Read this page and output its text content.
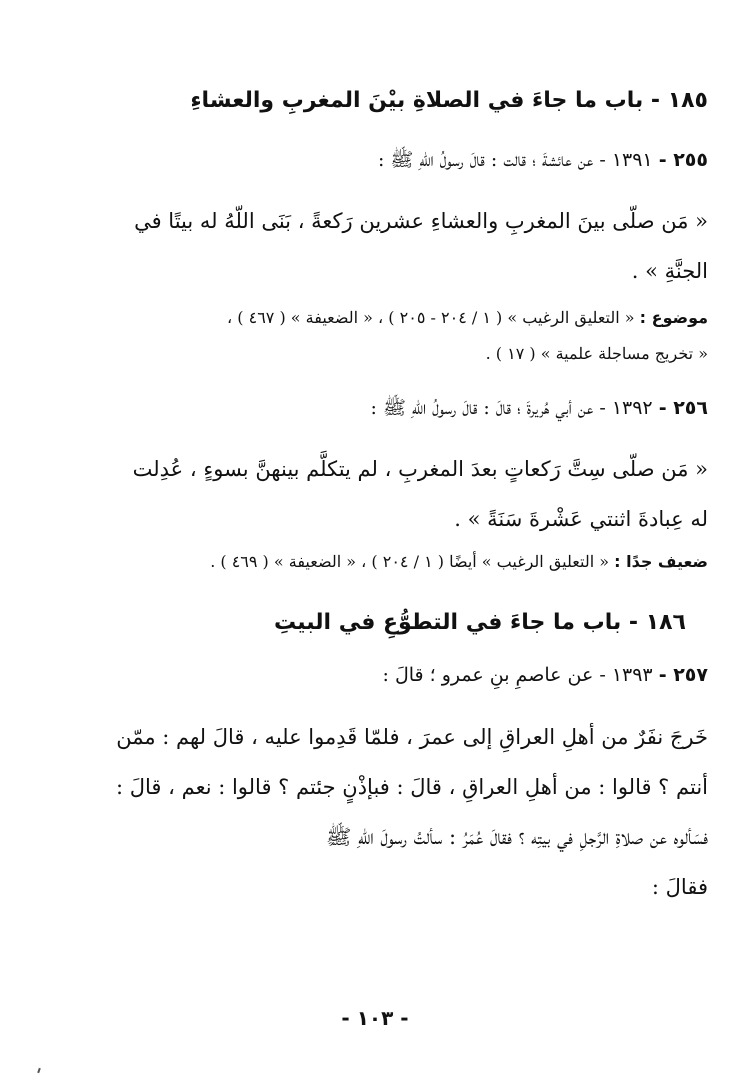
١٨٥ - باب ما جاءَ في الصلاةِ بيْنَ المغربِ والعشاءِ
٢٥٥ - ١٣٩١ - عن عائشةَ ؛ قالت : قالَ رسولُ اللّهِ ﷺ :
« مَن صلّى بينَ المغربِ والعشاءِ عشرين رَكعةً ، بَنَى اللّهُ له بيتًا في
الجنَّةِ » .
موضوع : « التعليق الرغيب » ( ١ / ٢٠٤ - ٢٠٥ ) ، « الضعيفة » ( ٤٦٧ ) ،
« تخريج مساجلة علمية » ( ١٧ ) .
٢٥٦ - ١٣٩٢ - عن أبي هُريرةَ ؛ قالَ : قالَ رسولُ اللّهِ ﷺ :
« مَن صلّى سِتَّ رَكعاتٍ بعدَ المغربِ ، لم يتكلَّم بينهنَّ بسوءٍ ، عُدِلت
له عِبادةَ اثنتي عَشْرةَ سَنَةً » .
ضعيف جدًا : « التعليق الرغيب » أيضًا ( ١ / ٢٠٤ ) ، « الضعيفة » ( ٤٦٩ ) .
١٨٦ - باب ما جاءَ في التطوُّعِ في البيتِ
٢٥٧ - ١٣٩٣ - عن عاصمِ بنِ عمرو ؛ قالَ :
خَرجَ نفَرٌ من أهلِ العراقِ إلى عمرَ ، فلمّا قَدِموا عليه ، قالَ لهم : ممّن
أنتم ؟ قالوا : من أهلِ العراقِ ، قالَ : فبإذْنٍ جئتم ؟ قالوا : نعم ، قالَ :
فسَألوه عن صلاةِ الرَّجلِ في بيتِه ؟ فقالَ عُمَرُ : سألتُ رسولَ اللّهِ ﷺ
فقالَ :
- ١٠٣ -
